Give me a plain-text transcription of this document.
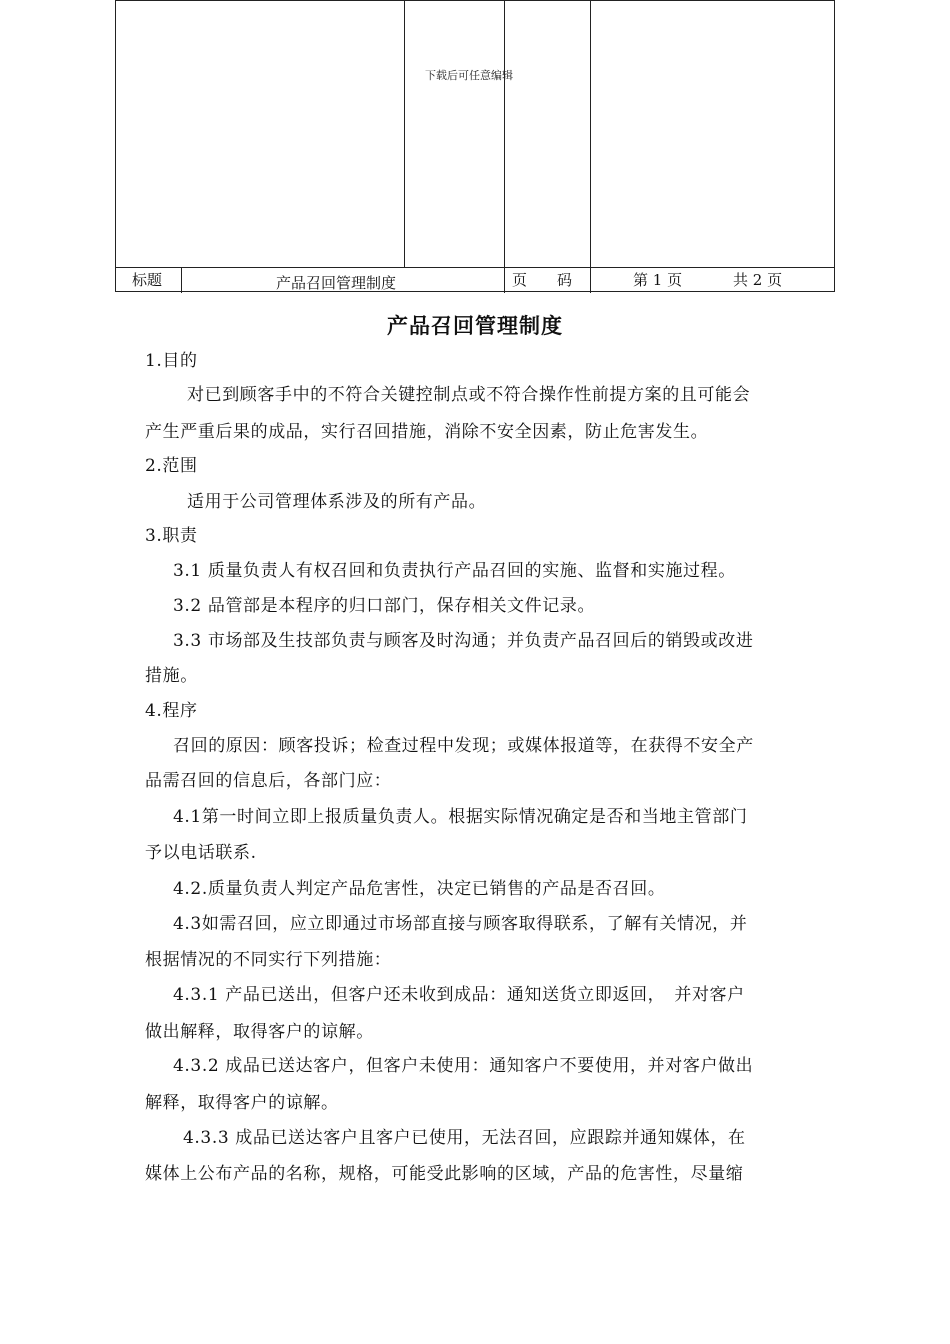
标题	产品召回管理制度	页　　码	第 1 页	共 2 页
下载后可任意编辑
产品召回管理制度
1.目的
对已到顾客手中的不符合关键控制点或不符合操作性前提方案的且可能会
产生严重后果的成品，实行召回措施，消除不安全因素，防止危害发生。
2.范围
适用于公司管理体系涉及的所有产品。
3.职责
3.1 质量负责人有权召回和负责执行产品召回的实施、监督和实施过程。
3.2 品管部是本程序的归口部门，保存相关文件记录。
3.3 市场部及生技部负责与顾客及时沟通；并负责产品召回后的销毁或改进
措施。
4.程序
召回的原因：顾客投诉；检查过程中发现；或媒体报道等，在获得不安全产
品需召回的信息后，各部门应：
4.1第一时间立即上报质量负责人。根据实际情况确定是否和当地主管部门
予以电话联系.
4.2.质量负责人判定产品危害性，决定已销售的产品是否召回。
4.3如需召回，应立即通过市场部直接与顾客取得联系，了解有关情况，并
根据情况的不同实行下列措施：
4.3.1 产品已送出，但客户还未收到成品：通知送货立即返回，　并对客户
做出解释，取得客户的谅解。
4.3.2 成品已送达客户，但客户未使用：通知客户不要使用，并对客户做出
解释，取得客户的谅解。
4.3.3 成品已送达客户且客户已使用，无法召回，应跟踪并通知媒体，在
媒体上公布产品的名称，规格，可能受此影响的区域，产品的危害性，尽量缩
